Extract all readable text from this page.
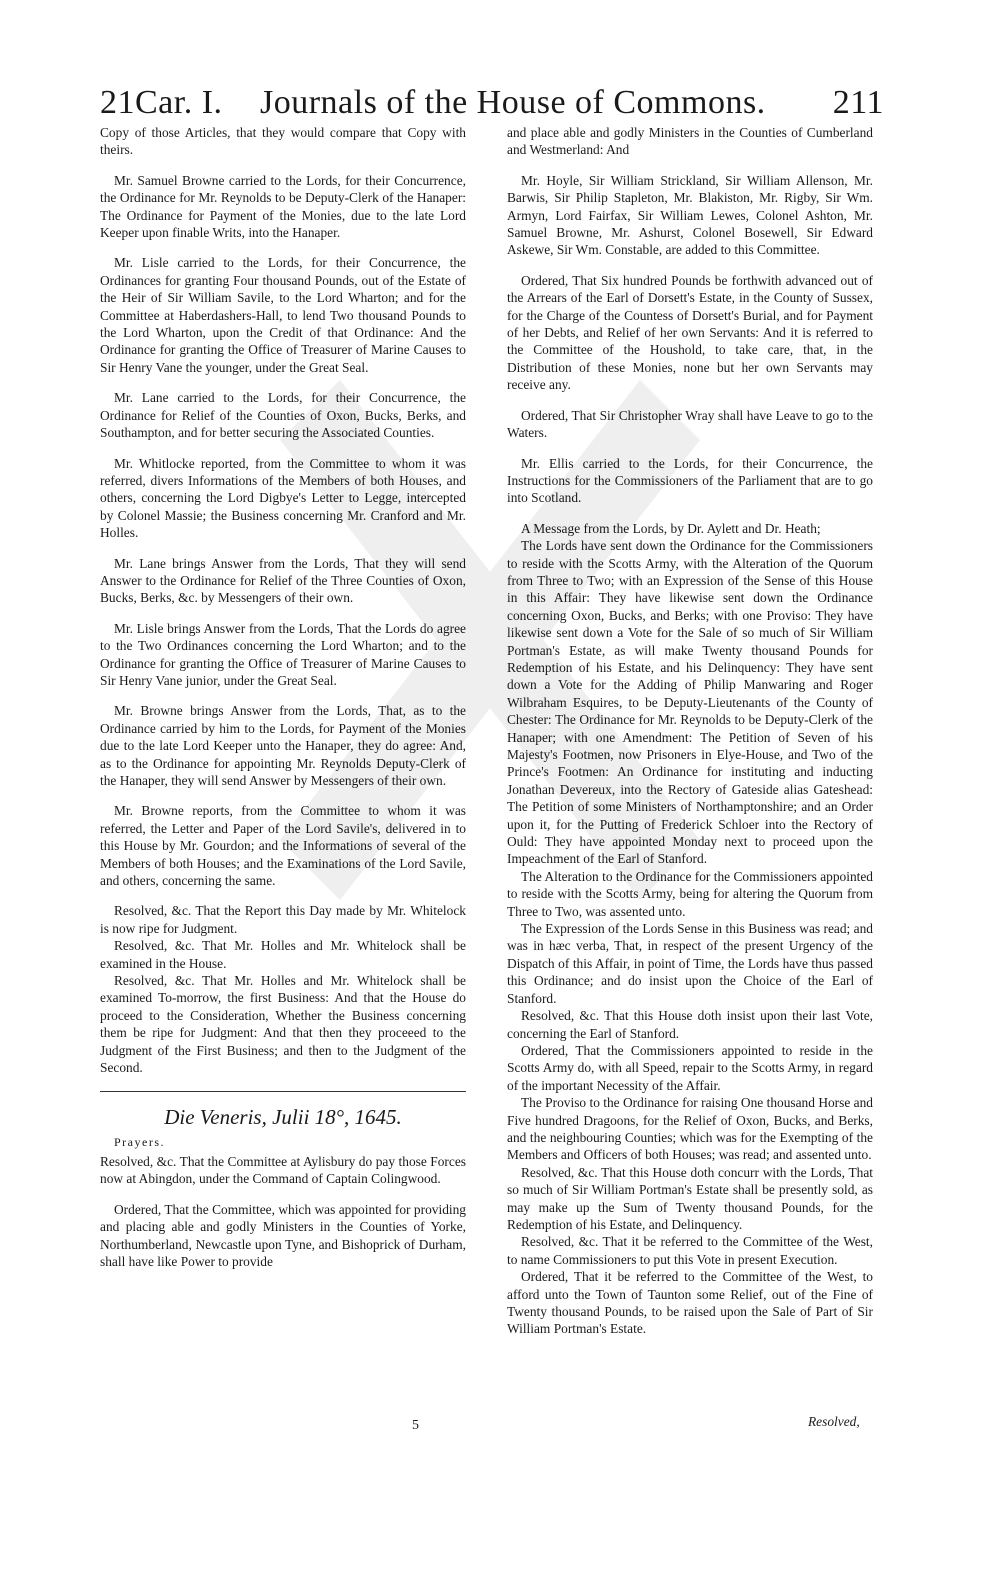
21Car. I. Journals of the House of Commons. 211

Copy of those Articles, that they would compare that Copy with theirs.

Mr. Samuel Browne carried to the Lords, for their Concurrence, the Ordinance for Mr. Reynolds to be Deputy-Clerk of the Hanaper: The Ordinance for Payment of the Monies, due to the late Lord Keeper upon finable Writs, into the Hanaper.

Mr. Lisle carried to the Lords, for their Concurrence, the Ordinances for granting Four thousand Pounds, out of the Estate of the Heir of Sir William Savile, to the Lord Wharton; and for the Committee at Haberdashers-Hall, to lend Two thousand Pounds to the Lord Wharton, upon the Credit of that Ordinance: And the Ordinance for granting the Office of Treasurer of Marine Causes to Sir Henry Vane the younger, under the Great Seal.

Mr. Lane carried to the Lords, for their Concurrence, the Ordinance for Relief of the Counties of Oxon, Bucks, Berks, and Southampton, and for better securing the Associated Counties.

Mr. Whitlocke reported, from the Committee to whom it was referred, divers Informations of the Members of both Houses, and others, concerning the Lord Digbye's Letter to Legge, intercepted by Colonel Massie; the Business concerning Mr. Cranford and Mr. Holles.

Mr. Lane brings Answer from the Lords, That they will send Answer to the Ordinance for Relief of the Three Counties of Oxon, Bucks, Berks, &c. by Messengers of their own.

Mr. Lisle brings Answer from the Lords, That the Lords do agree to the Two Ordinances concerning the Lord Wharton; and to the Ordinance for granting the Office of Treasurer of Marine Causes to Sir Henry Vane junior, under the Great Seal.

Mr. Browne brings Answer from the Lords, That, as to the Ordinance carried by him to the Lords, for Payment of the Monies due to the late Lord Keeper unto the Hanaper, they do agree: And, as to the Ordinance for appointing Mr. Reynolds Deputy-Clerk of the Hanaper, they will send Answer by Messengers of their own.

Mr. Browne reports, from the Committee to whom it was referred, the Letter and Paper of the Lord Savile's, delivered in to this House by Mr. Gourdon; and the Informations of several of the Members of both Houses; and the Examinations of the Lord Savile, and others, concerning the same.

Resolved, &c. That the Report this Day made by Mr. Whitelock is now ripe for Judgment.

Resolved, &c. That Mr. Holles and Mr. Whitelock shall be examined in the House.

Resolved, &c. That Mr. Holles and Mr. Whitelock shall be examined To-morrow, the first Business: And that the House do proceed to the Consideration, Whether the Business concerning them be ripe for Judgment: And that then they proceeed to the Judgment of the First Business; and then to the Judgment of the Second.

Die Veneris, Julii 18°, 1645.
Prayers.

Resolved, &c. That the Committee at Aylisbury do pay those Forces now at Abingdon, under the Command of Captain Colingwood.

Ordered, That the Committee, which was appointed for providing and placing able and godly Ministers in the Counties of Yorke, Northumberland, Newcastle upon Tyne, and Bishoprick of Durham, shall have like Power to provide

and place able and godly Ministers in the Counties of Cumberland and Westmerland: And

Mr. Hoyle, Sir William Strickland, Sir William Allenson, Mr. Barwis, Sir Philip Stapleton, Mr. Blakiston, Mr. Rigby, Sir Wm. Armyn, Lord Fairfax, Sir William Lewes, Colonel Ashton, Mr. Samuel Browne, Mr. Ashurst, Colonel Bosewell, Sir Edward Askewe, Sir Wm. Constable, are added to this Committee.

Ordered, That Six hundred Pounds be forthwith advanced out of the Arrears of the Earl of Dorsett's Estate, in the County of Sussex, for the Charge of the Countess of Dorsett's Burial, and for Payment of her Debts, and Relief of her own Servants: And it is referred to the Committee of the Houshold, to take care, that, in the Distribution of these Monies, none but her own Servants may receive any.

Ordered, That Sir Christopher Wray shall have Leave to go to the Waters.

Mr. Ellis carried to the Lords, for their Concurrence, the Instructions for the Commissioners of the Parliament that are to go into Scotland.

A Message from the Lords, by Dr. Aylett and Dr. Heath;

The Lords have sent down the Ordinance for the Commissioners to reside with the Scotts Army, with the Alteration of the Quorum from Three to Two; with an Expression of the Sense of this House in this Affair: They have likewise sent down the Ordinance concerning Oxon, Bucks, and Berks; with one Proviso: They have likewise sent down a Vote for the Sale of so much of Sir William Portman's Estate, as will make Twenty thousand Pounds for Redemption of his Estate, and his Delinquency: They have sent down a Vote for the Adding of Philip Manwaring and Roger Wilbraham Esquires, to be Deputy-Lieutenants of the County of Chester: The Ordinance for Mr. Reynolds to be Deputy-Clerk of the Hanaper; with one Amendment: The Petition of Seven of his Majesty's Footmen, now Prisoners in Elye-House, and Two of the Prince's Footmen: An Ordinance for instituting and inducting Jonathan Devereux, into the Rectory of Gateside alias Gateshead: The Petition of some Ministers of Northamptonshire; and an Order upon it, for the Putting of Frederick Schloer into the Rectory of Ould: They have appointed Monday next to proceed upon the Impeachment of the Earl of Stanford.

The Alteration to the Ordinance for the Commissioners appointed to reside with the Scotts Army, being for altering the Quorum from Three to Two, was assented unto.

The Expression of the Lords Sense in this Business was read; and was in hæc verba, That, in respect of the present Urgency of the Dispatch of this Affair, in point of Time, the Lords have thus passed this Ordinance; and do insist upon the Choice of the Earl of Stanford.

Resolved, &c. That this House doth insist upon their last Vote, concerning the Earl of Stanford.

Ordered, That the Commissioners appointed to reside in the Scotts Army do, with all Speed, repair to the Scotts Army, in regard of the important Necessity of the Affair.

The Proviso to the Ordinance for raising One thousand Horse and Five hundred Dragoons, for the Relief of Oxon, Bucks, and Berks, and the neighbouring Counties; which was for the Exempting of the Members and Officers of both Houses; was read; and assented unto.

Resolved, &c. That this House doth concurr with the Lords, That so much of Sir William Portman's Estate shall be presently sold, as may make up the Sum of Twenty thousand Pounds, for the Redemption of his Estate, and Delinquency.

Resolved, &c. That it be referred to the Committee of the West, to name Commissioners to put this Vote in present Execution.

Ordered, That it be referred to the Committee of the West, to afford unto the Town of Taunton some Relief, out of the Fine of Twenty thousand Pounds, to be raised upon the Sale of Part of Sir William Portman's Estate.

5	Resolved,
